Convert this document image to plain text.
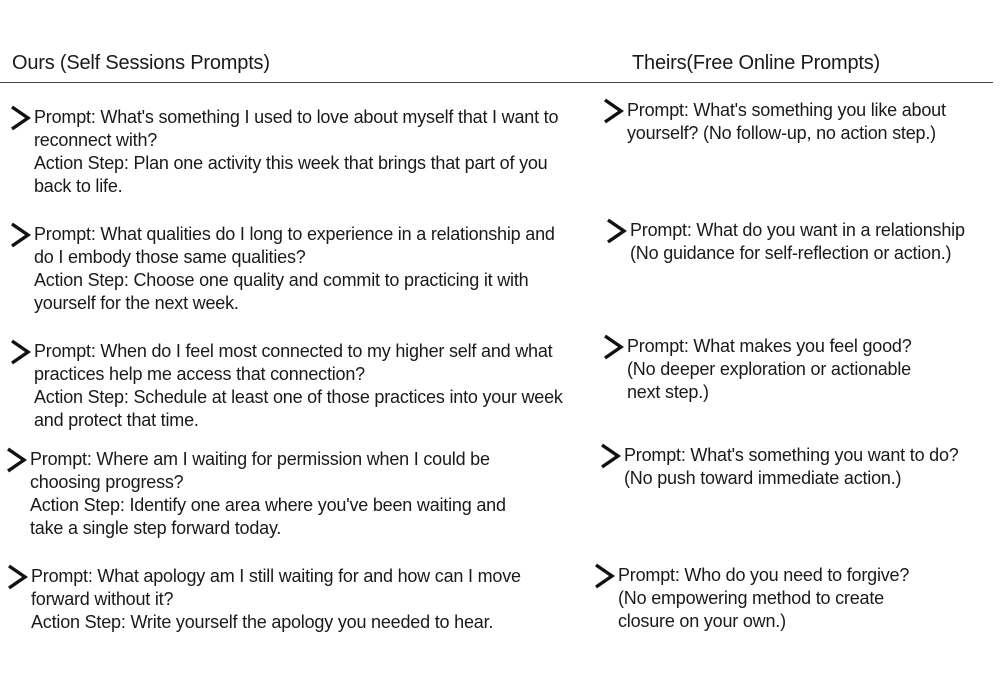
Ours (Self Sessions Prompts)	Theirs(Free Online Prompts)
Prompt: What's something I used to love about myself that I want to reconnect with?
Action Step: Plan one activity this week that brings that part of you back to life.
Prompt: What qualities do I long to experience in a relationship and do I embody those same qualities?
Action Step: Choose one quality and commit to practicing it with yourself for the next week.
Prompt: When do I feel most connected to my higher self and what practices help me access that connection?
Action Step: Schedule at least one of those practices into your week and protect that time.
Prompt: Where am I waiting for permission when I could be choosing progress?
Action Step: Identify one area where you've been waiting and take a single step forward today.
Prompt: What apology am I still waiting for and how can I move forward without it?
Action Step: Write yourself the apology you needed to hear.
Prompt: What's something you like about yourself? (No follow-up, no action step.)
Prompt: What do you want in a relationship (No guidance for self-reflection or action.)
Prompt: What makes you feel good? (No deeper exploration or actionable next step.)
Prompt: What's something you want to do? (No push toward immediate action.)
Prompt: Who do you need to forgive? (No empowering method to create closure on your own.)
